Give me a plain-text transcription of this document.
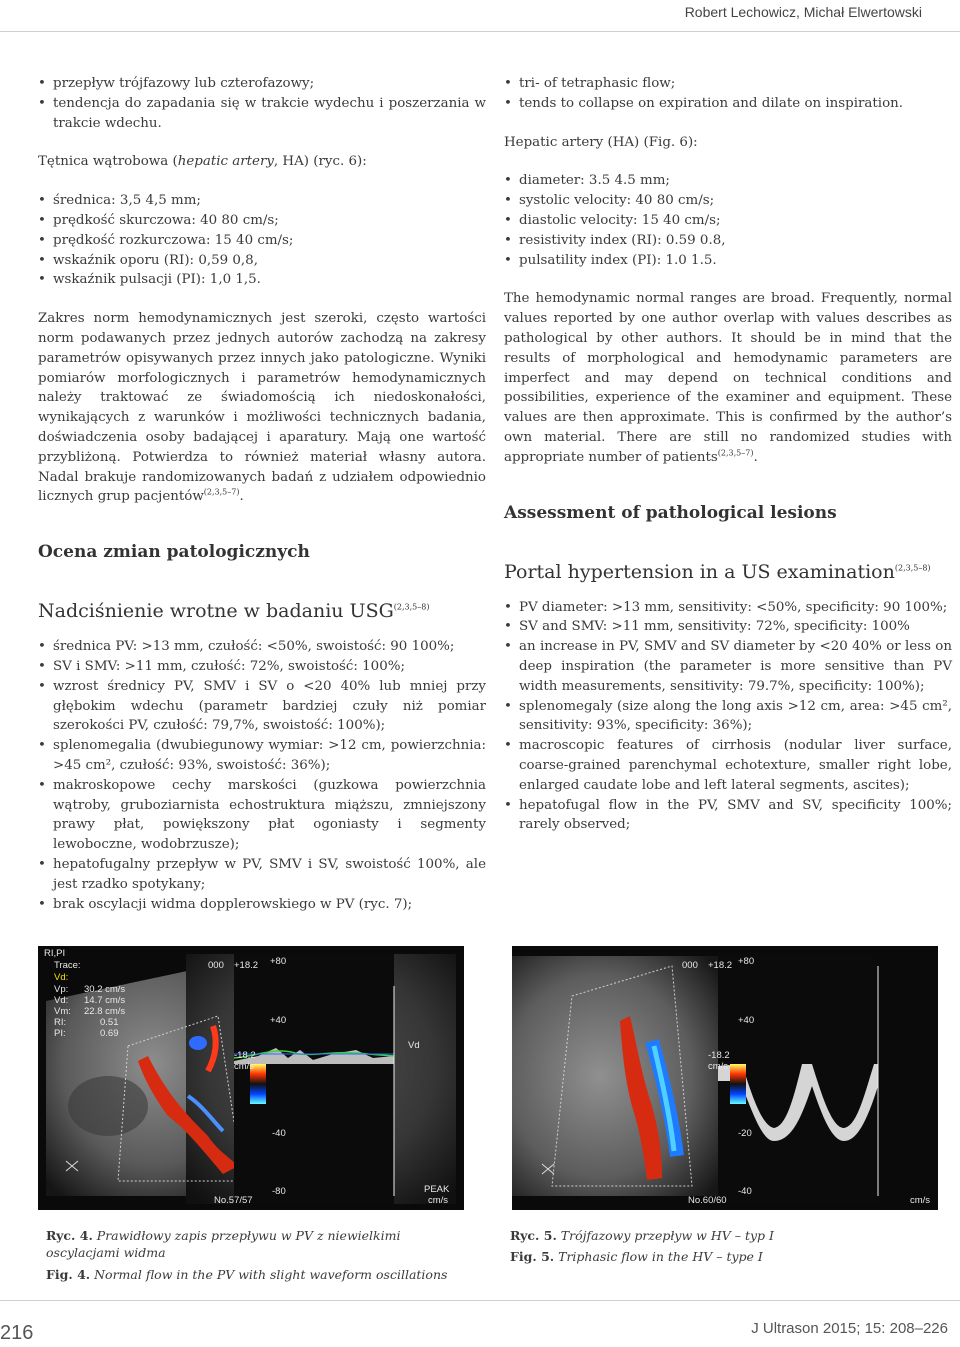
Robert Lechowicz, Michał Elwertowski
• przepływ trójfazowy lub czterofazowy;
• tendencja do zapadania się w trakcie wydechu i poszerzania w trakcie wdechu.

Tętnica wątrobowa (hepatic artery, HA) (ryc. 6):

• średnica: 3,5 4,5 mm;
• prędkość skurczowa: 40 80 cm/s;
• prędkość rozkurczowa: 15 40 cm/s;
• wskaźnik oporu (RI): 0,59 0,8,
• wskaźnik pulsacji (PI): 1,0 1,5.

Zakres norm hemodynamicznych jest szeroki, często wartości norm podawanych przez jednych autorów zachodzą na zakresy parametrów opisywanych przez innych jako patologiczne. Wyniki pomiarów morfologicznych i parametrów hemodynamicznych należy traktować ze świadomością ich niedoskonałości, wynikających z warunków i możliwości technicznych badania, doświadczenia osoby badającej i aparatury. Mają one wartość przybliżoną. Potwierdza to również materiał własny autora. Nadal brakuje randomizowanych badań z udziałem odpowiednio licznych grup pacjentów$^{(2,3,5-7)}$.

Ocena zmian patologicznych

Nadciśnienie wrotne w badaniu USG$^{(2,3,5-8)}$

• średnica PV: >13 mm, czułość: <50%, swoistość: 90 100%;
• SV i SMV: >11 mm, czułość: 72%, swoistość: 100%;
• wzrost średnicy PV, SMV i SV o <20 40% lub mniej przy głębokim wdechu (parametr bardziej czuły niż pomiar szerokości PV, czułość: 79,7%, swoistość: 100%);
• splenomegalia (dwubiegunowy wymiar: >12 cm, powierzchnia: >45 cm², czułość: 93%, swoistość: 36%);
• makroskopowe cechy marskości (guzkowa powierzchnia wątroby, gruboziarnista echostruktura miąższu, zmniejszony prawy płat, powiększony płat ogoniasty i segmenty lewoboczne, wodobrzusze);
• hepatofugalny przepływ w PV, SMV i SV, swoistość 100%, ale jest rzadko spotykany;
• brak oscylacji widma dopplerowskiego w PV (ryc. 7);
• tri- of tetraphasic flow;
• tends to collapse on expiration and dilate on inspiration.

Hepatic artery (HA) (Fig. 6):

• diameter: 3.5 4.5 mm;
• systolic velocity: 40 80 cm/s;
• diastolic velocity: 15 40 cm/s;
• resistivity index (RI): 0.59 0.8,
• pulsatility index (PI): 1.0 1.5.

The hemodynamic normal ranges are broad. Frequently, normal values reported by one author overlap with values describes as pathological by other authors. It should be in mind that the results of morphological and hemodynamic parameters are imperfect and may depend on technical conditions and possibilities, experience of the examiner and equipment. These values are then approximate. This is confirmed by the author’s own material. There are still no randomized studies with appropriate number of patients$^{(2,3,5-7)}$.

Assessment of pathological lesions

Portal hypertension in a US examination$^{(2,3,5-8)}$

• PV diameter: >13 mm, sensitivity: <50%, specificity: 90 100%;
• SV and SMV: >11 mm, sensitivity: 72%, specificity: 100%
• an increase in PV, SMV and SV diameter by <20 40% or less on deep inspiration (the parameter is more sensitive than PV width measurements, sensitivity: 79.7%, specificity: 100%);
• splenomegaly (size along the long axis >12 cm, area: >45 cm², sensitivity: 93%, specificity: 36%);
• macroscopic features of cirrhosis (nodular liver surface, coarse-grained parenchymal echotexture, smaller right lobe, enlarged caudate lobe and left lateral segments, ascites);
• hepatofugal flow in the PV, SMV and SV, specificity 100%; rarely observed;
RI,PI
Trace:
Vd:
Vp: 30.2 cm/s
Vd: 14.7 cm/s
Vm: 22.8 cm/s
RI:	0.51
PI:	0.69
000 +18.2
-18.2
cm/s
+80
+40
-40
-80
Vd
No.57/57
PEAK
cm/s
Ryc. 4. Prawidłowy zapis przepływu w PV z niewielkimi oscylacjami widma
Fig. 4. Normal flow in the PV with slight waveform oscillations
000 +18.2
-18.2
cm/s
+80
+40
-20
-40
No.60/60	cm/s
Ryc. 5. Trójfazowy przepływ w HV – typ I
Fig. 5. Triphasic flow in the HV – type I
216	J Ultrason 2015; 15: 208–226
